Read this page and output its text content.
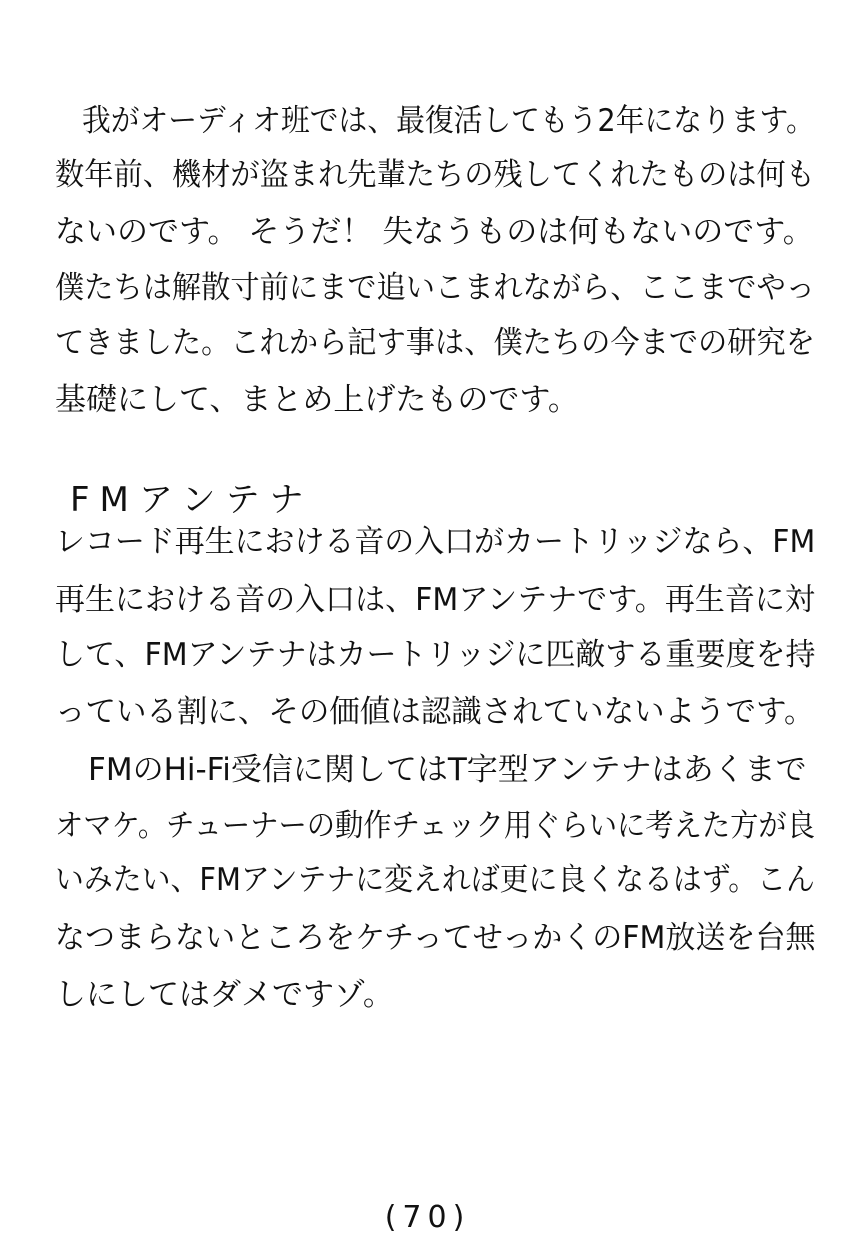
我がオーディオ班では、最復活してもう2年になります。
数年前、機材が盗まれ先輩たちの残してくれたものは何も
ないのです。 そうだ！ 失なうものは何もないのです。
僕たちは解散寸前にまで追いこまれながら、ここまでやっ
てきました。これから記す事は、僕たちの今までの研究を
基礎にして、まとめ上げたものです。
FMアンテナ
レコード再生における音の入口がカートリッジなら、FM
再生における音の入口は、FMアンテナです。再生音に対
して、FMアンテナはカートリッジに匹敵する重要度を持
っている割に、その価値は認識されていないようです。
FMのHi-Fi受信に関してはT字型アンテナはあくまで
オマケ。チューナーの動作チェック用ぐらいに考えた方が良
いみたい、FMアンテナに変えれば更に良くなるはず。こん
なつまらないところをケチってせっかくのFM放送を台無
しにしてはダメですゾ。
(70)
